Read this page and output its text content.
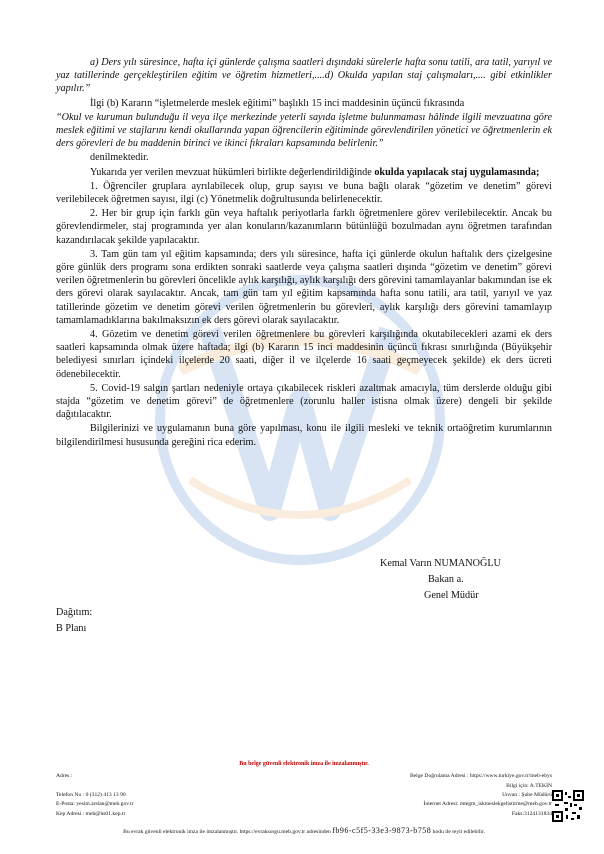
a) Ders yılı süresince, hafta içi günlerde çalışma saatleri dışındaki sürelerle hafta sonu tatili, ara tatil, yarıyıl ve yaz tatillerinde gerçekleştirilen eğitim ve öğretim hizmetleri,....d) Okulda yapılan staj çalışmaları,.... gibi etkinlikler yapılır.”

İlgi (b) Kararın “işletmelerde meslek eğitimi” başlıklı 15 inci maddesinin üçüncü fıkrasında

“Okul ve kurumun bulunduğu il veya ilçe merkezinde yeterli sayıda işletme bulunmaması hâlinde ilgili mevzuatına göre meslek eğitimi ve stajlarını kendi okullarında yapan öğrencilerin eğitiminde görevlendirilen yönetici ve öğretmenlerin ek ders görevleri de bu maddenin birinci ve ikinci fıkraları kapsamında belirlenir.”

denilmektedir.

Yukarıda yer verilen mevzuat hükümleri birlikte değerlendirildiğinde okulda yapılacak staj uygulamasında;

1. Öğrenciler gruplara ayrılabilecek olup, grup sayısı ve buna bağlı olarak “gözetim ve denetim” görevi verilebilecek öğretmen sayısı, ilgi (c) Yönetmelik doğrultusunda belirlenecektir.

2. Her bir grup için farklı gün veya haftalık periyotlarla farklı öğretmenlere görev verilebilecektir. Ancak bu görevlendirmeler, staj programında yer alan konuların/kazanımların bütünlüğü bozulmadan aynı öğretmen tarafından kazandırılacak şekilde yapılacaktır.

3. Tam gün tam yıl eğitim kapsamında; ders yılı süresince, hafta içi günlerde okulun haftalık ders çizelgesine göre günlük ders programı sona erdikten sonraki saatlerde veya çalışma saatleri dışında “gözetim ve denetim” görevi verilen öğretmenlerin bu görevleri öncelikle aylık karşılığı, aylık karşılığı ders görevini tamamlayanlar bakımından ise ek ders görevi olarak sayılacaktır. Ancak, tam gün tam yıl eğitim kapsamında hafta sonu tatili, ara tatil, yarıyıl ve yaz tatillerinde gözetim ve denetim görevi verilen öğretmenlerin bu görevleri, aylık karşılığı ders görevini tamamlayıp tamamlamadıklarına bakılmaksızın ek ders görevi olarak sayılacaktır.

4. Gözetim ve denetim görevi verilen öğretmenlere bu görevleri karşılığında okutabilecekleri azami ek ders saatleri kapsamında olmak üzere haftada; ilgi (b) Kararın 15 inci maddesinin üçüncü fıkrası sınırlığında (Büyükşehir belediyesi sınırları içindeki ilçelerde 20 saati, diğer il ve ilçelerde 16 saati geçmeyecek şekilde) ek ders ücreti ödenebilecektir.

5. Covid-19 salgın şartları nedeniyle ortaya çıkabilecek riskleri azaltmak amacıyla, tüm derslerde olduğu gibi stajda “gözetim ve denetim görevi” de öğretmenlere (zorunlu haller istisna olmak üzere) dengeli bir şekilde dağıtılacaktır.

Bilgilerinizi ve uygulamanın buna göre yapılması, konu ile ilgili mesleki ve teknik ortaöğretim kurumlarının bilgilendirilmesi hususunda gereğini rica ederim.

Kemal Varın NUMANOĞLU
Bakan a.
Genel Müdür
Dağıtım:
B Planı
Bu belge güvenli elektronik imza ile imzalanmıştır.
Adres :	Belge Doğrulama Adresi : https://www.turkiye.gov.tr/meb-ebys
Bilgi için: A.TEKİN
Unvan : Şube Müdürü
Telefon No : 0 (312) 413 13 90
E-Posta: yesim.arslan@meb.gov.tr	İnternet Adresi: mtegm_iskmeslekgelistirme@meb.gov.tr
Kep Adresi : meb@hs01.kep.tr	Faks:3124131834
Bu evrak güvenli elektronik imza ile imzalanmıştır. https://evraksorgu.meb.gov.tr adresinden fb96-c5f5-33e3-9873-b758 kodu ile teyit edilebilir.
